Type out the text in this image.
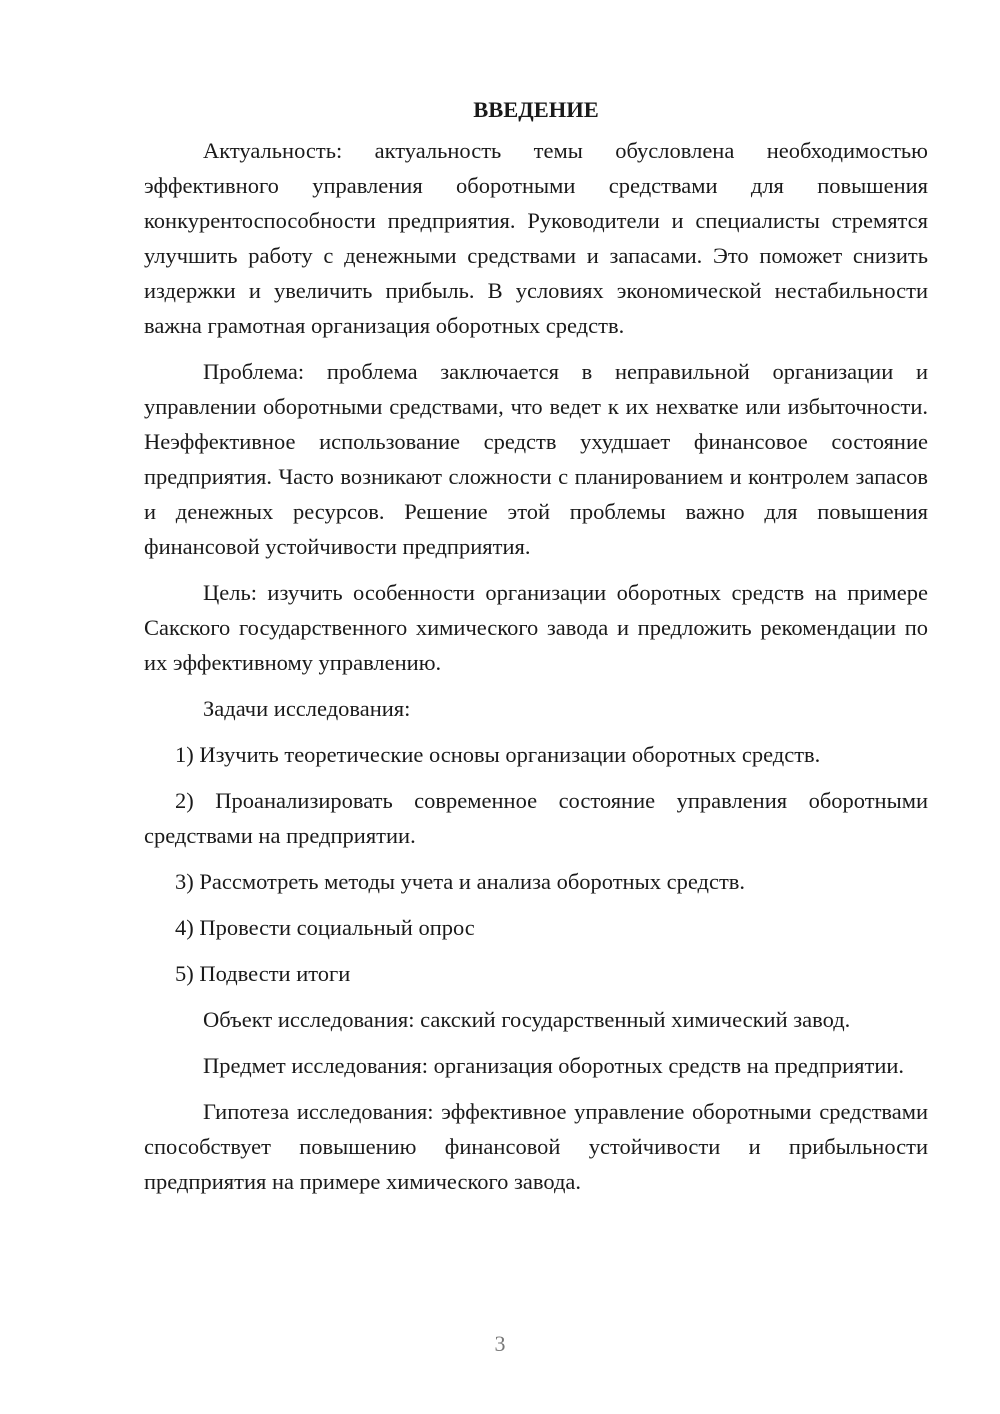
ВВЕДЕНИЕ

Актуальность: актуальность темы обусловлена необходимостью эффективного управления оборотными средствами для повышения конкурентоспособности предприятия. Руководители и специалисты стремятся улучшить работу с денежными средствами и запасами. Это поможет снизить издержки и увеличить прибыль. В условиях экономической нестабильности важна грамотная организация оборотных средств.

Проблема: проблема заключается в неправильной организации и управлении оборотными средствами, что ведет к их нехватке или избыточности. Неэффективное использование средств ухудшает финансовое состояние предприятия. Часто возникают сложности с планированием и контролем запасов и денежных ресурсов. Решение этой проблемы важно для повышения финансовой устойчивости предприятия.

Цель: изучить особенности организации оборотных средств на примере Сакского государственного химического завода и предложить рекомендации по их эффективному управлению.

Задачи исследования:

1) Изучить теоретические основы организации оборотных средств.

2) Проанализировать современное состояние управления оборотными средствами на предприятии.

3) Рассмотреть методы учета и анализа оборотных средств.

4) Провести социальный опрос

5) Подвести итоги

Объект исследования: сакский государственный химический завод.

Предмет исследования: организация оборотных средств на предприятии.

Гипотеза исследования: эффективное управление оборотными средствами способствует повышению финансовой устойчивости и прибыльности предприятия на примере химического завода.

3
